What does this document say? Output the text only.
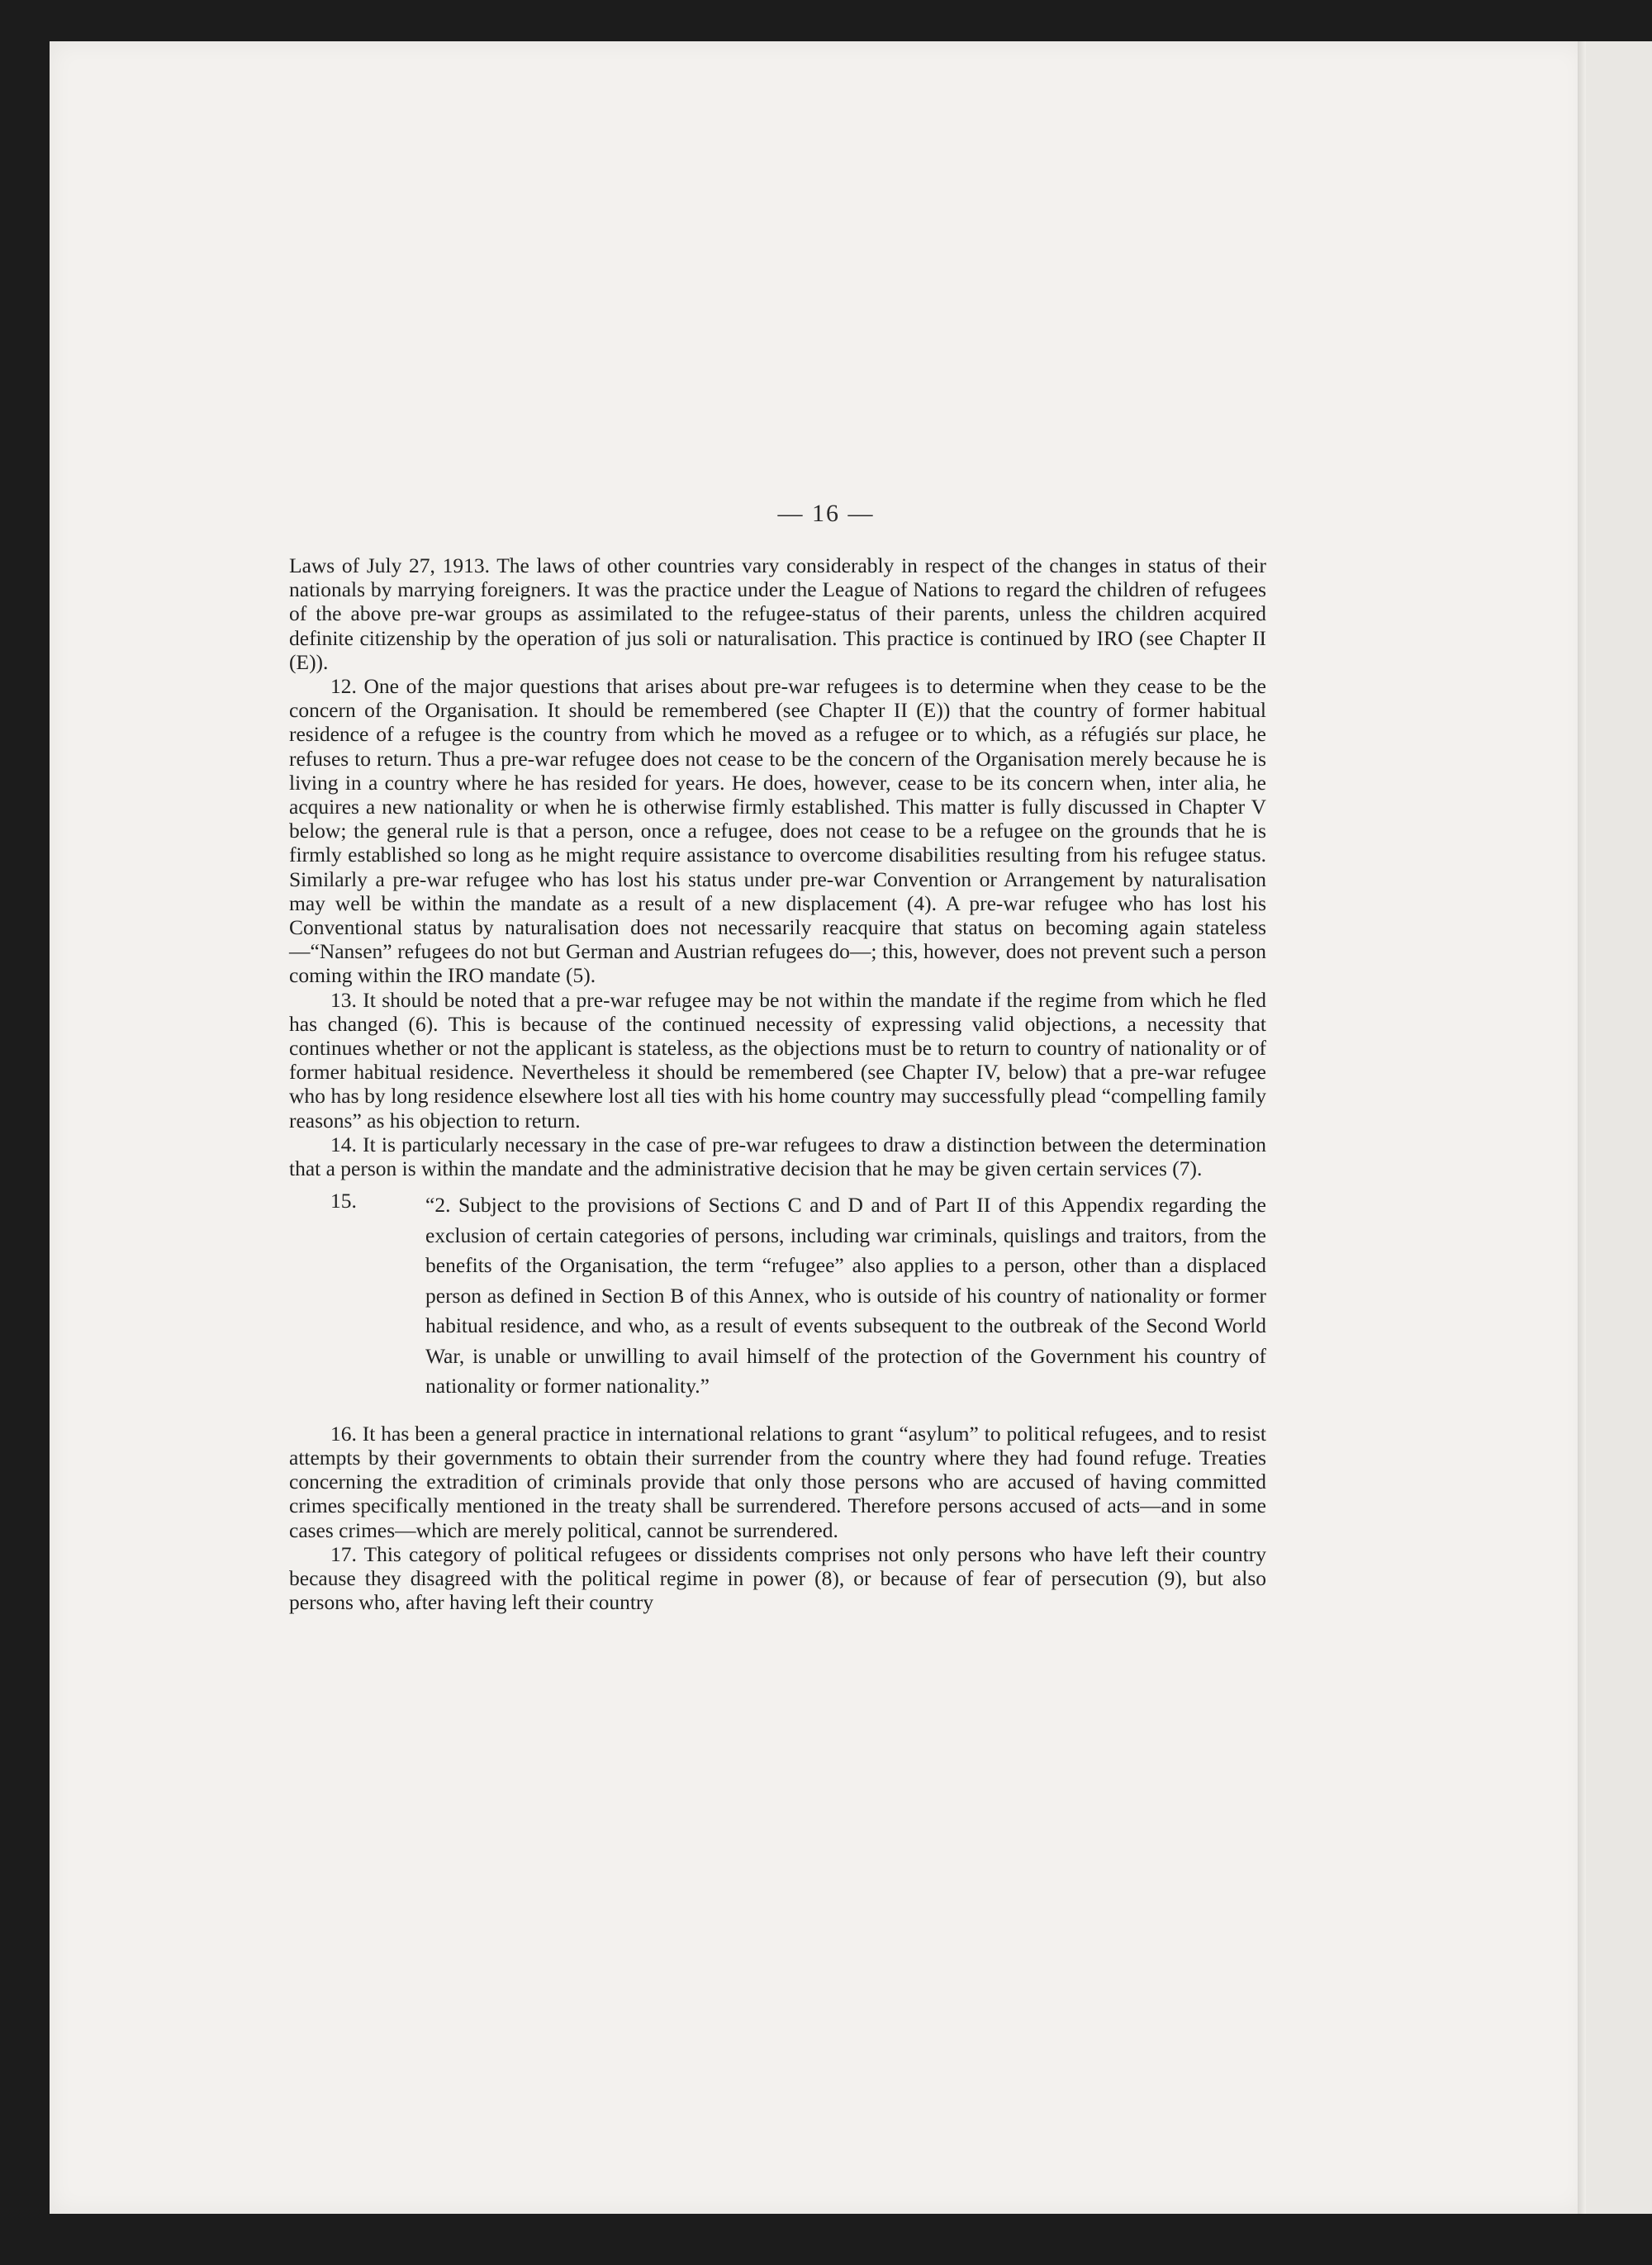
— 16 —

Laws of July 27, 1913. The laws of other countries vary considerably in respect of the changes in status of their nationals by marrying foreigners. It was the practice under the League of Nations to regard the children of refugees of the above pre-war groups as assimilated to the refugee-status of their parents, unless the children acquired definite citizenship by the operation of jus soli or naturalisation. This practice is continued by IRO (see Chapter II (E)).

12. One of the major questions that arises about pre-war refugees is to determine when they cease to be the concern of the Organisation. It should be remembered (see Chapter II (E)) that the country of former habitual residence of a refugee is the country from which he moved as a refugee or to which, as a réfugiés sur place, he refuses to return. Thus a pre-war refugee does not cease to be the concern of the Organisation merely because he is living in a country where he has resided for years. He does, however, cease to be its concern when, inter alia, he acquires a new nationality or when he is otherwise firmly established. This matter is fully discussed in Chapter V below; the general rule is that a person, once a refugee, does not cease to be a refugee on the grounds that he is firmly established so long as he might require assistance to overcome disabilities resulting from his refugee status. Similarly a pre-war refugee who has lost his status under pre-war Convention or Arrangement by naturalisation may well be within the mandate as a result of a new displacement (4). A pre-war refugee who has lost his Conventional status by naturalisation does not necessarily reacquire that status on becoming again stateless—“Nansen” refugees do not but German and Austrian refugees do—; this, however, does not prevent such a person coming within the IRO mandate (5).

13. It should be noted that a pre-war refugee may be not within the mandate if the regime from which he fled has changed (6). This is because of the continued necessity of expressing valid objections, a necessity that continues whether or not the applicant is stateless, as the objections must be to return to country of nationality or of former habitual residence. Nevertheless it should be remembered (see Chapter IV, below) that a pre-war refugee who has by long residence elsewhere lost all ties with his home country may successfully plead “compelling family reasons” as his objection to return.

14. It is particularly necessary in the case of pre-war refugees to draw a distinction between the determination that a person is within the mandate and the administrative decision that he may be given certain services (7).

15.	“2. Subject to the provisions of Sections C and D and of Part II of this Appendix regarding the exclusion of certain categories of persons, including war criminals, quislings and traitors, from the benefits of the Organisation, the term “refugee” also applies to a person, other than a displaced person as defined in Section B of this Annex, who is outside of his country of nationality or former habitual residence, and who, as a result of events subsequent to the outbreak of the Second World War, is unable or unwilling to avail himself of the protection of the Government his country of nationality or former nationality.”

16. It has been a general practice in international relations to grant “asylum” to political refugees, and to resist attempts by their governments to obtain their surrender from the country where they had found refuge. Treaties concerning the extradition of criminals provide that only those persons who are accused of having committed crimes specifically mentioned in the treaty shall be surrendered. Therefore persons accused of acts—and in some cases crimes—which are merely political, cannot be surrendered.

17. This category of political refugees or dissidents comprises not only persons who have left their country because they disagreed with the political regime in power (8), or because of fear of persecution (9), but also persons who, after having left their country
